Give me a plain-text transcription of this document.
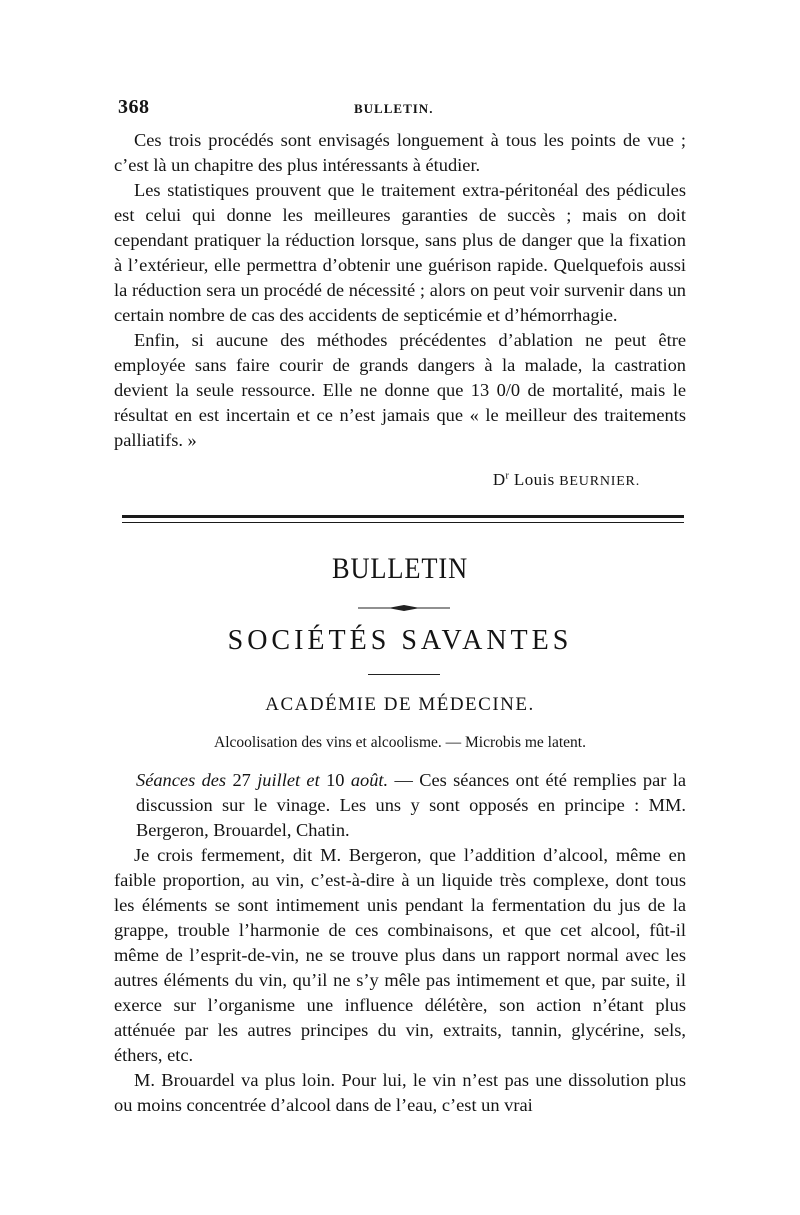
368	BULLETIN.

Ces trois procédés sont envisagés longuement à tous les points de vue ; c’est là un chapitre des plus intéressants à étudier.

Les statistiques prouvent que le traitement extra-péritonéal des pédicules est celui qui donne les meilleures garanties de succès ; mais on doit cependant pratiquer la réduction lorsque, sans plus de danger que la fixation à l’extérieur, elle permettra d’obtenir une guérison rapide. Quelquefois aussi la réduction sera un procédé de nécessité ; alors on peut voir survenir dans un certain nombre de cas des accidents de septicémie et d’hémorrhagie.

Enfin, si aucune des méthodes précédentes d’ablation ne peut être employée sans faire courir de grands dangers à la malade, la castration devient la seule ressource. Elle ne donne que 13 0/0 de mortalité, mais le résultat en est incertain et ce n’est jamais que « le meilleur des traitements palliatifs. »

$D^r$ Louis BEURNIER.
BULLETIN
SOCIÉTÉS SAVANTES
ACADÉMIE DE MÉDECINE.
Alcoolisation des vins et alcoolisme. — Microbis me latent.

Séances des 27 juillet et 10 août. — Ces séances ont été remplies par la discussion sur le vinage. Les uns y sont opposés en principe : MM. Bergeron, Brouardel, Chatin.

Je crois fermement, dit M. Bergeron, que l’addition d’alcool, même en faible proportion, au vin, c’est-à-dire à un liquide très complexe, dont tous les éléments se sont intimement unis pendant la fermentation du jus de la grappe, trouble l’harmonie de ces combinaisons, et que cet alcool, fût-il même de l’esprit-de-vin, ne se trouve plus dans un rapport normal avec les autres éléments du vin, qu’il ne s’y mêle pas intimement et que, par suite, il exerce sur l’organisme une influence délétère, son action n’étant plus atténuée par les autres principes du vin, extraits, tannin, glycérine, sels, éthers, etc.

M. Brouardel va plus loin. Pour lui, le vin n’est pas une dissolution plus ou moins concentrée d’alcool dans de l’eau, c’est un vrai
